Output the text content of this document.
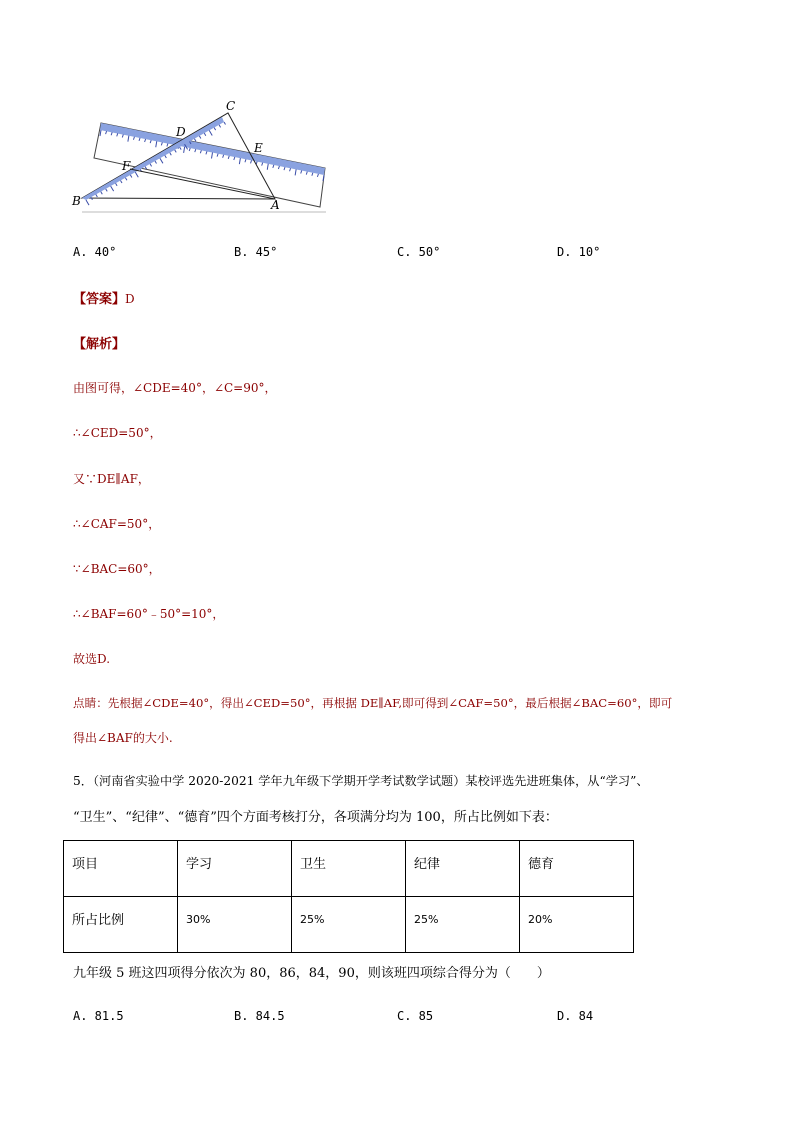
C
D
E
F
B	A
A. 40°	B. 45°	C. 50°	D. 10°
【答案】D
【解析】
由图可得，∠CDE=40°，∠C=90°，
∴∠CED=50°，
又∵DE∥AF，
∴∠CAF=50°，
∵∠BAC=60°，
∴∠BAF=60°﹣50°=10°，
故选D.
点睛：先根据∠CDE=40°，得出∠CED=50°，再根据 DE∥AF,即可得到∠CAF=50°，最后根据∠BAC=60°，即可
得出∠BAF的大小.
5．（河南省实验中学 2020-2021 学年九年级下学期开学考试数学试题）某校评选先进班集体，从“学习”、
“卫生”、“纪律”、“德育”四个方面考核打分，各项满分均为 100，所占比例如下表：
项目	学习	卫生	纪律	德育
所占比例	30%	25%	25%	20%
九年级 5 班这四项得分依次为 80，86，84，90，则该班四项综合得分为（　　）
A. 81.5	B. 84.5	C. 85	D. 84
